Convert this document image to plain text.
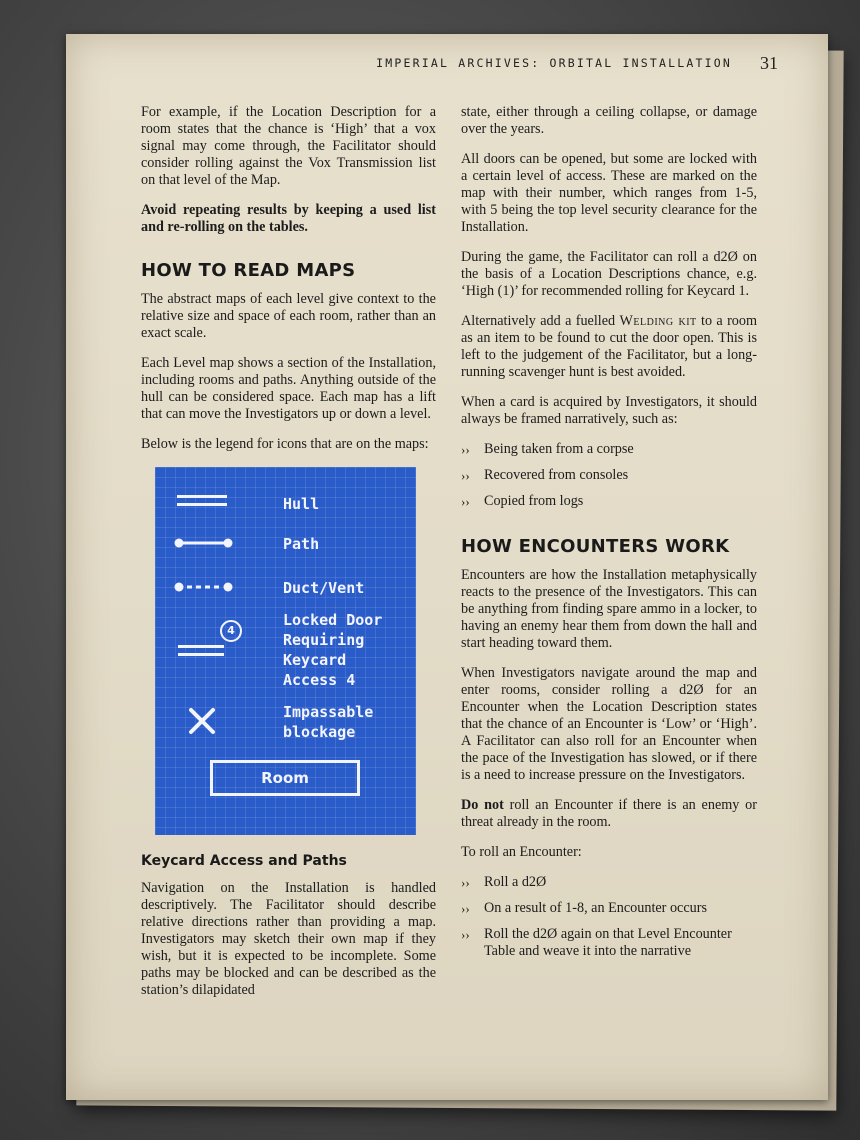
IMPERIAL ARCHIVES: ORBITAL INSTALLATION 31

For example, if the Location Description for a room states that the chance is ‘High’ that a vox signal may come through, the Facilitator should consider rolling against the Vox Transmission list on that level of the Map.

Avoid repeating results by keeping a used list and re-rolling on the tables.

HOW TO READ MAPS

The abstract maps of each level give context to the relative size and space of each room, rather than an exact scale.

Each Level map shows a section of the Installation, including rooms and paths. Anything outside of the hull can be considered space. Each map has a lift that can move the Investigators up or down a level.

Below is the legend for icons that are on the maps:

Hull
Path
Duct/Vent
4
Locked Door
Requiring
Keycard
Access 4
Impassable
blockage
Room
Keycard Access and Paths

Navigation on the Installation is handled descriptively. The Facilitator should describe relative directions rather than providing a map. Investigators may sketch their own map if they wish, but it is expected to be incomplete. Some paths may be blocked and can be described as the station’s dilapidated

state, either through a ceiling collapse, or damage over the years.

All doors can be opened, but some are locked with a certain level of access. These are marked on the map with their number, which ranges from 1-5, with 5 being the top level security clearance for the Installation.

During the game, the Facilitator can roll a d2Ø on the basis of a Location Descriptions chance, e.g. ‘High (1)’ for recommended rolling for Keycard 1.

Alternatively add a fuelled Welding kit to a room as an item to be found to cut the door open. This is left to the judgement of the Facilitator, but a long-running scavenger hunt is best avoided.

When a card is acquired by Investigators, it should always be framed narratively, such as:

›› Being taken from a corpse
›› Recovered from consoles
›› Copied from logs
HOW ENCOUNTERS WORK

Encounters are how the Installation metaphysically reacts to the presence of the Investigators. This can be anything from finding spare ammo in a locker, to having an enemy hear them from down the hall and start heading toward them.

When Investigators navigate around the map and enter rooms, consider rolling a d2Ø for an Encounter when the Location Description states that the chance of an Encounter is ‘Low’ or ‘High’. A Facilitator can also roll for an Encounter when the pace of the Investigation has slowed, or if there is a need to increase pressure on the Investigators.

Do not roll an Encounter if there is an enemy or threat already in the room.

To roll an Encounter:

›› Roll a d2Ø
›› On a result of 1-8, an Encounter occurs
›› Roll the d2Ø again on that Level Encounter Table and weave it into the narrative
